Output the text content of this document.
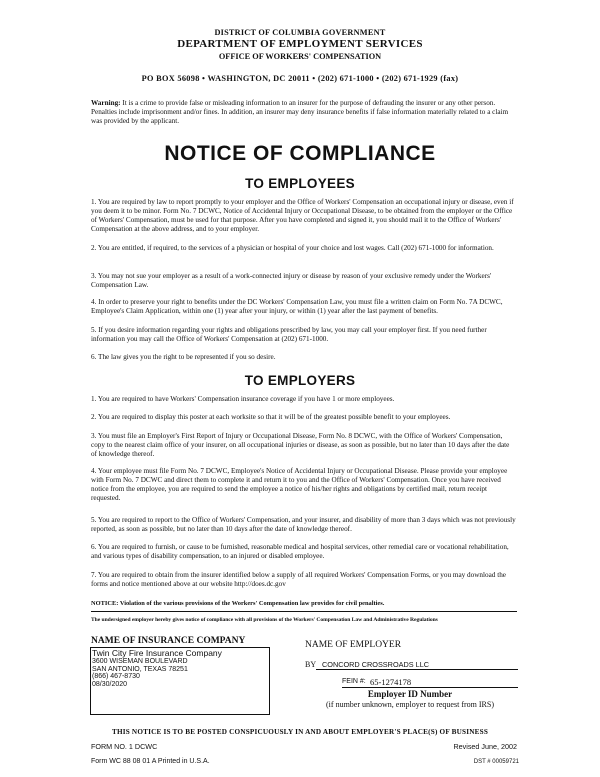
DISTRICT OF COLUMBIA GOVERNMENT
DEPARTMENT OF EMPLOYMENT SERVICES
OFFICE OF WORKERS' COMPENSATION
PO BOX 56098 • WASHINGTON, DC 20011 • (202) 671-1000 • (202) 671-1929 (fax)
Warning: It is a crime to provide false or misleading information to an insurer for the purpose of defrauding the insurer or any other person. Penalties include imprisonment and/or fines. In addition, an insurer may deny insurance benefits if false information materially related to a claim was provided by the applicant.
NOTICE OF COMPLIANCE
TO EMPLOYEES
1. You are required by law to report promptly to your employer and the Office of Workers' Compensation an occupational injury or disease, even if you deem it to be minor. Form No. 7 DCWC, Notice of Accidental Injury or Occupational Disease, to be obtained from the employer or the Office of Workers' Compensation, must be used for that purpose. After you have completed and signed it, you should mail it to the Office of Workers' Compensation at the above address, and to your employer.
2. You are entitled, if required, to the services of a physician or hospital of your choice and lost wages. Call (202) 671-1000 for information.
3. You may not sue your employer as a result of a work-connected injury or disease by reason of your exclusive remedy under the Workers' Compensation Law.
4. In order to preserve your right to benefits under the DC Workers' Compensation Law, you must file a written claim on Form No. 7A DCWC, Employee's Claim Application, within one (1) year after your injury, or within (1) year after the last payment of benefits.
5. If you desire information regarding your rights and obligations prescribed by law, you may call your employer first. If you need further information you may call the Office of Workers' Compensation at (202) 671-1000.
6. The law gives you the right to be represented if you so desire.
TO EMPLOYERS
1. You are required to have Workers' Compensation insurance coverage if you have 1 or more employees.
2. You are required to display this poster at each worksite so that it will be of the greatest possible benefit to your employees.
3. You must file an Employer's First Report of Injury or Occupational Disease, Form No. 8 DCWC, with the Office of Workers' Compensation, copy to the nearest claim office of your insurer, on all occupational injuries or disease, as soon as possible, but no later than 10 days after the date of knowledge thereof.
4. Your employee must file Form No. 7 DCWC, Employee's Notice of Accidental Injury or Occupational Disease. Please provide your employee with Form No. 7 DCWC and direct them to complete it and return it to you and the Office of Workers' Compensation. Once you have received notice from the employee, you are required to send the employee a notice of his/her rights and obligations by certified mail, return receipt requested.
5. You are required to report to the Office of Workers' Compensation, and your insurer, and disability of more than 3 days which was not previously reported, as soon as possible, but no later than 10 days after the date of knowledge thereof.
6. You are required to furnish, or cause to be furnished, reasonable medical and hospital services, other remedial care or vocational rehabilitation, and various types of disability compensation, to an injured or disabled employee.
7. You are required to obtain from the insurer identified below a supply of all required Workers' Compensation Forms, or you may download the forms and notice mentioned above at our website http://does.dc.gov
NOTICE: Violation of the various provisions of the Workers' Compensation law provides for civil penalties.
The undersigned employer hereby gives notice of compliance with all provisions of the Workers' Compensation Law and Administrative Regulations
NAME OF INSURANCE COMPANY
Twin City Fire Insurance Company
3600 WISEMAN BOULEVARD
SAN ANTONIO, TEXAS 78251
(866) 467-8730
08/30/2020
NAME OF EMPLOYER
BY CONCORD CROSSROADS LLC
FEIN #: 65-1274178
Employer ID Number
(if number unknown, employer to request from IRS)
THIS NOTICE IS TO BE POSTED CONSPICUOUSLY IN AND ABOUT EMPLOYER'S PLACE(S) OF BUSINESS
FORM NO. 1 DCWC	Revised June, 2002
Form WC 88 08 01 A Printed in U.S.A.	DST # 00059721
